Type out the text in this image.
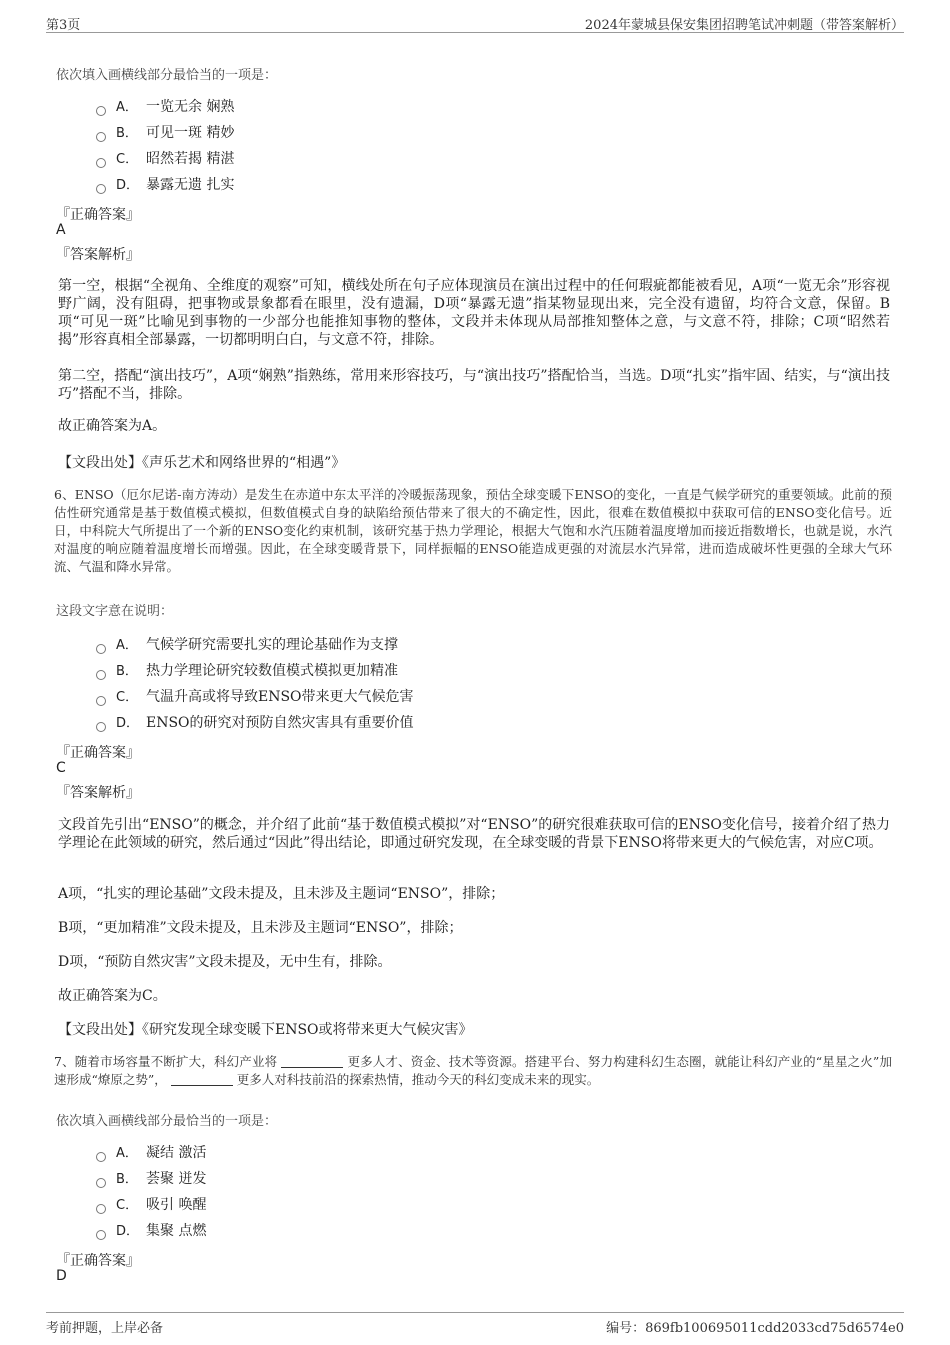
第3页	2024年蒙城县保安集团招聘笔试冲刺题（带答案解析）
依次填入画横线部分最恰当的一项是：
A． 一览无余 娴熟
B． 可见一斑 精妙
C． 昭然若揭 精湛
D． 暴露无遗 扎实
『正确答案』
A
『答案解析』
第一空，根据“全视角、全维度的观察”可知，横线处所在句子应体现演员在演出过程中的任何瑕疵都能被看见，A项“一览无余”形容视野广阔，没有阻碍，把事物或景象都看在眼里，没有遗漏，D项“暴露无遗”指某物显现出来，完全没有遗留，均符合文意，保留。B项“可见一斑”比喻见到事物的一少部分也能推知事物的整体，文段并未体现从局部推知整体之意，与文意不符，排除；C项“昭然若揭”形容真相全部暴露，一切都明明白白，与文意不符，排除。
第二空，搭配“演出技巧”，A项“娴熟”指熟练，常用来形容技巧，与“演出技巧”搭配恰当，当选。D项“扎实”指牢固、结实，与“演出技巧”搭配不当，排除。
故正确答案为A。
【文段出处】《声乐艺术和网络世界的“相遇”》
6、ENSO（厄尔尼诺-南方涛动）是发生在赤道中东太平洋的冷暖振荡现象，预估全球变暖下ENSO的变化，一直是气候学研究的重要领域。此前的预估性研究通常是基于数值模式模拟，但数值模式自身的缺陷给预估带来了很大的不确定性，因此，很难在数值模拟中获取可信的ENSO变化信号。近日，中科院大气所提出了一个新的ENSO变化约束机制，该研究基于热力学理论，根据大气饱和水汽压随着温度增加而接近指数增长，也就是说，水汽对温度的响应随着温度增长而增强。因此，在全球变暖背景下，同样振幅的ENSO能造成更强的对流层水汽异常，进而造成破坏性更强的全球大气环流、气温和降水异常。
这段文字意在说明：
A． 气候学研究需要扎实的理论基础作为支撑
B． 热力学理论研究较数值模式模拟更加精准
C． 气温升高或将导致ENSO带来更大气候危害
D． ENSO的研究对预防自然灾害具有重要价值
『正确答案』
C
『答案解析』
文段首先引出“ENSO”的概念，并介绍了此前“基于数值模式模拟”对“ENSO”的研究很难获取可信的ENSO变化信号，接着介绍了热力学理论在此领域的研究，然后通过“因此”得出结论，即通过研究发现，在全球变暖的背景下ENSO将带来更大的气候危害，对应C项。
A项，“扎实的理论基础”文段未提及，且未涉及主题词“ENSO”，排除；
B项，“更加精准”文段未提及，且未涉及主题词“ENSO”，排除；
D项，“预防自然灾害”文段未提及，无中生有，排除。
故正确答案为C。
【文段出处】《研究发现全球变暖下ENSO或将带来更大气候灾害》
7、随着市场容量不断扩大，科幻产业将	更多人才、资金、技术等资源。搭建平台、努力构建科幻生态圈，就能让科幻产业的“星星之火”加速形成“燎原之势”，	更多人对科技前沿的探索热情，推动今天的科幻变成未来的现实。
依次填入画横线部分最恰当的一项是：
A． 凝结 激活
B． 荟聚 迸发
C． 吸引 唤醒
D． 集聚 点燃
『正确答案』
D
考前押题，上岸必备	编号：869fb100695011cdd2033cd75d6574e0
